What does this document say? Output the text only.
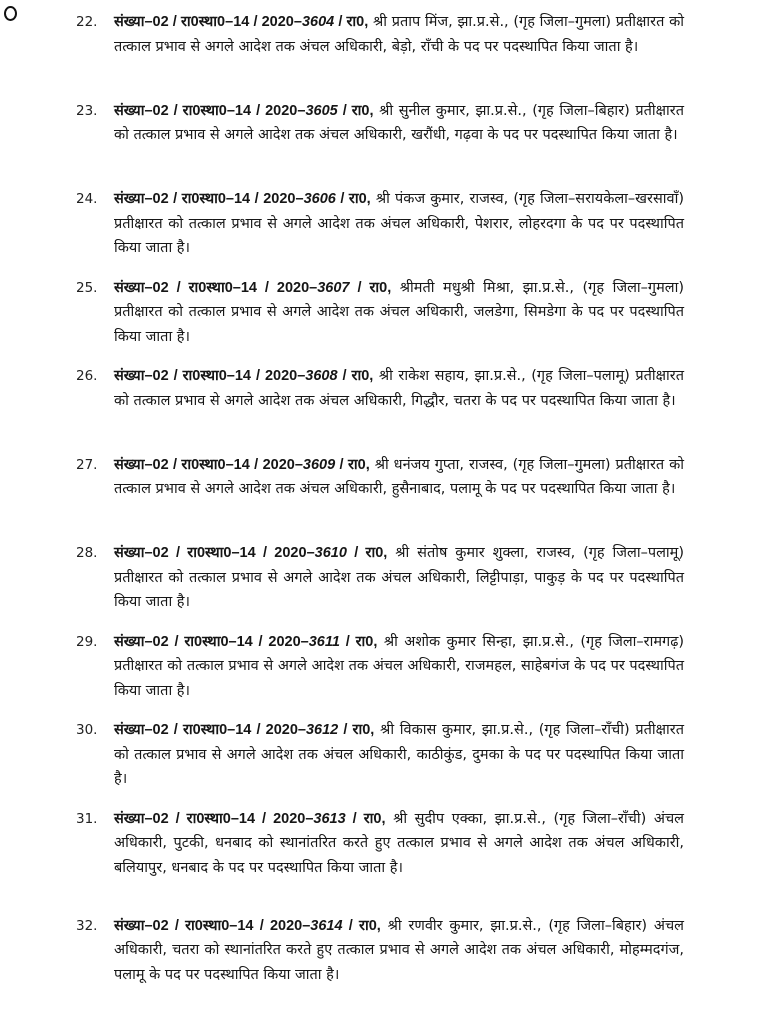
22.	संख्या–02 / रा0स्था0–14 / 2020–3604 / रा0, श्री प्रताप मिंज, झा.प्र.से., (गृह जिला–गुमला) प्रतीक्षारत को तत्काल प्रभाव से अगले आदेश तक अंचल अधिकारी, बेड़ो, राँची के पद पर पदस्थापित किया जाता है।
23.	संख्या–02 / रा0स्था0–14 / 2020–3605 / रा0, श्री सुनील कुमार, झा.प्र.से., (गृह जिला–बिहार) प्रतीक्षारत को तत्काल प्रभाव से अगले आदेश तक अंचल अधिकारी, खरौंधी, गढ़वा के पद पर पदस्थापित किया जाता है।
24.	संख्या–02 / रा0स्था0–14 / 2020–3606 / रा0, श्री पंकज कुमार, राजस्व, (गृह जिला–सरायकेला–खरसावाँ) प्रतीक्षारत को तत्काल प्रभाव से अगले आदेश तक अंचल अधिकारी, पेशरार, लोहरदगा के पद पर पदस्थापित किया जाता है।
25.	संख्या–02 / रा0स्था0–14 / 2020–3607 / रा0, श्रीमती मधुश्री मिश्रा, झा.प्र.से., (गृह जिला–गुमला) प्रतीक्षारत को तत्काल प्रभाव से अगले आदेश तक अंचल अधिकारी, जलडेगा, सिमडेगा के पद पर पदस्थापित किया जाता है।
26.	संख्या–02 / रा0स्था0–14 / 2020–3608 / रा0, श्री राकेश सहाय, झा.प्र.से., (गृह जिला–पलामू) प्रतीक्षारत को तत्काल प्रभाव से अगले आदेश तक अंचल अधिकारी, गिद्धौर, चतरा के पद पर पदस्थापित किया जाता है।
27.	संख्या–02 / रा0स्था0–14 / 2020–3609 / रा0, श्री धनंजय गुप्ता, राजस्व, (गृह जिला–गुमला) प्रतीक्षारत को तत्काल प्रभाव से अगले आदेश तक अंचल अधिकारी, हुसैनाबाद, पलामू के पद पर पदस्थापित किया जाता है।
28.	संख्या–02 / रा0स्था0–14 / 2020–3610 / रा0, श्री संतोष कुमार शुक्ला, राजस्व, (गृह जिला–पलामू) प्रतीक्षारत को तत्काल प्रभाव से अगले आदेश तक अंचल अधिकारी, लिट्टीपाड़ा, पाकुड़ के पद पर पदस्थापित किया जाता है।
29.	संख्या–02 / रा0स्था0–14 / 2020–3611 / रा0, श्री अशोक कुमार सिन्हा, झा.प्र.से., (गृह जिला–रामगढ़) प्रतीक्षारत को तत्काल प्रभाव से अगले आदेश तक अंचल अधिकारी, राजमहल, साहेबगंज के पद पर पदस्थापित किया जाता है।
30.	संख्या–02 / रा0स्था0–14 / 2020–3612 / रा0, श्री विकास कुमार, झा.प्र.से., (गृह जिला–राँची) प्रतीक्षारत को तत्काल प्रभाव से अगले आदेश तक अंचल अधिकारी, काठीकुंड, दुमका के पद पर पदस्थापित किया जाता है।
31.	संख्या–02 / रा0स्था0–14 / 2020–3613 / रा0, श्री सुदीप एक्का, झा.प्र.से., (गृह जिला–राँची) अंचल अधिकारी, पुटकी, धनबाद को स्थानांतरित करते हुए तत्काल प्रभाव से अगले आदेश तक अंचल अधिकारी, बलियापुर, धनबाद के पद पर पदस्थापित किया जाता है।
32.	संख्या–02 / रा0स्था0–14 / 2020–3614 / रा0, श्री रणवीर कुमार, झा.प्र.से., (गृह जिला–बिहार) अंचल अधिकारी, चतरा को स्थानांतरित करते हुए तत्काल प्रभाव से अगले आदेश तक अंचल अधिकारी, मोहम्मदगंज, पलामू के पद पर पदस्थापित किया जाता है।
